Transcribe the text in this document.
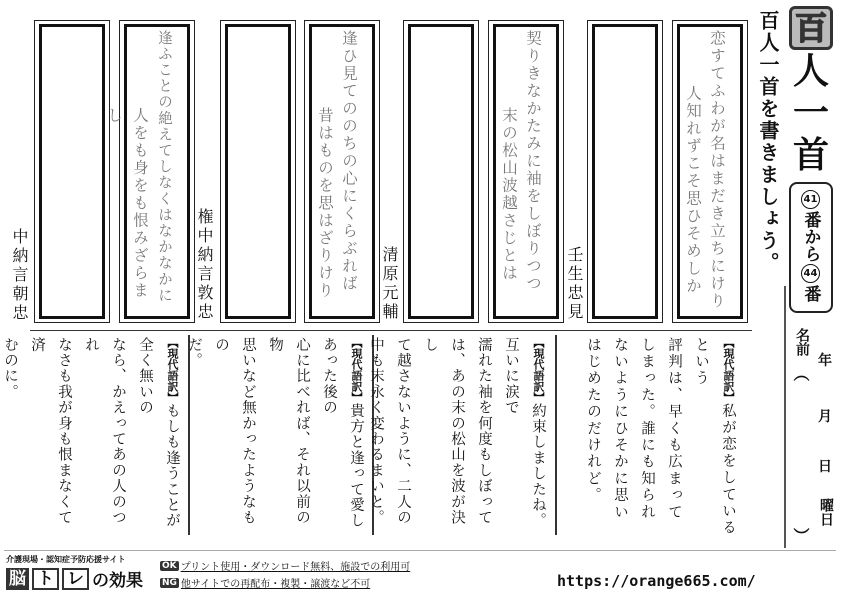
恋すてふわが名はまだき立ちにけり
人知れずこそ思ひそめしか
壬生忠見
契りきなかたみに袖をしぼりつつ
末の松山波越さじとは
清原元輔
逢ひ見てののちの心にくらぶれば
昔はものを思はざりけり
権中納言敦忠
逢ふことの絶えてしなくはなかなかに
人をも身をも恨みざらまし
中納言朝忠
【現代語訳】私が恋をしているという
評判は、早くも広まって
しまった。誰にも知られ
ないようにひそかに思い
はじめたのだけれど。
【現代語訳】約束しましたね。互いに涙で
濡れた袖を何度もしぼって
は、あの末の松山を波が決し
て越さないように、二人の
中も末永く変わるまいと。
【現代語訳】貴方と逢って愛しあった後の
心に比べれば、それ以前の物
思いなど無かったようなもの
だ。
【現代語訳】もしも逢うことが全く無いの
なら、かえってあの人のつれ
なさも我が身も恨まなくて済
むのに。
百人一首を書きましょう。 百
人
一
首
41番から44番
名前
（
年
月
日
曜日
）
介護現場・認知症予防応援サイト
脳 ト レ の効果
OK プリント使用・ダウンロード無料、施設での利用可
NG 他サイトでの再配布・複製・譲渡など不可	https://orange665.com/
